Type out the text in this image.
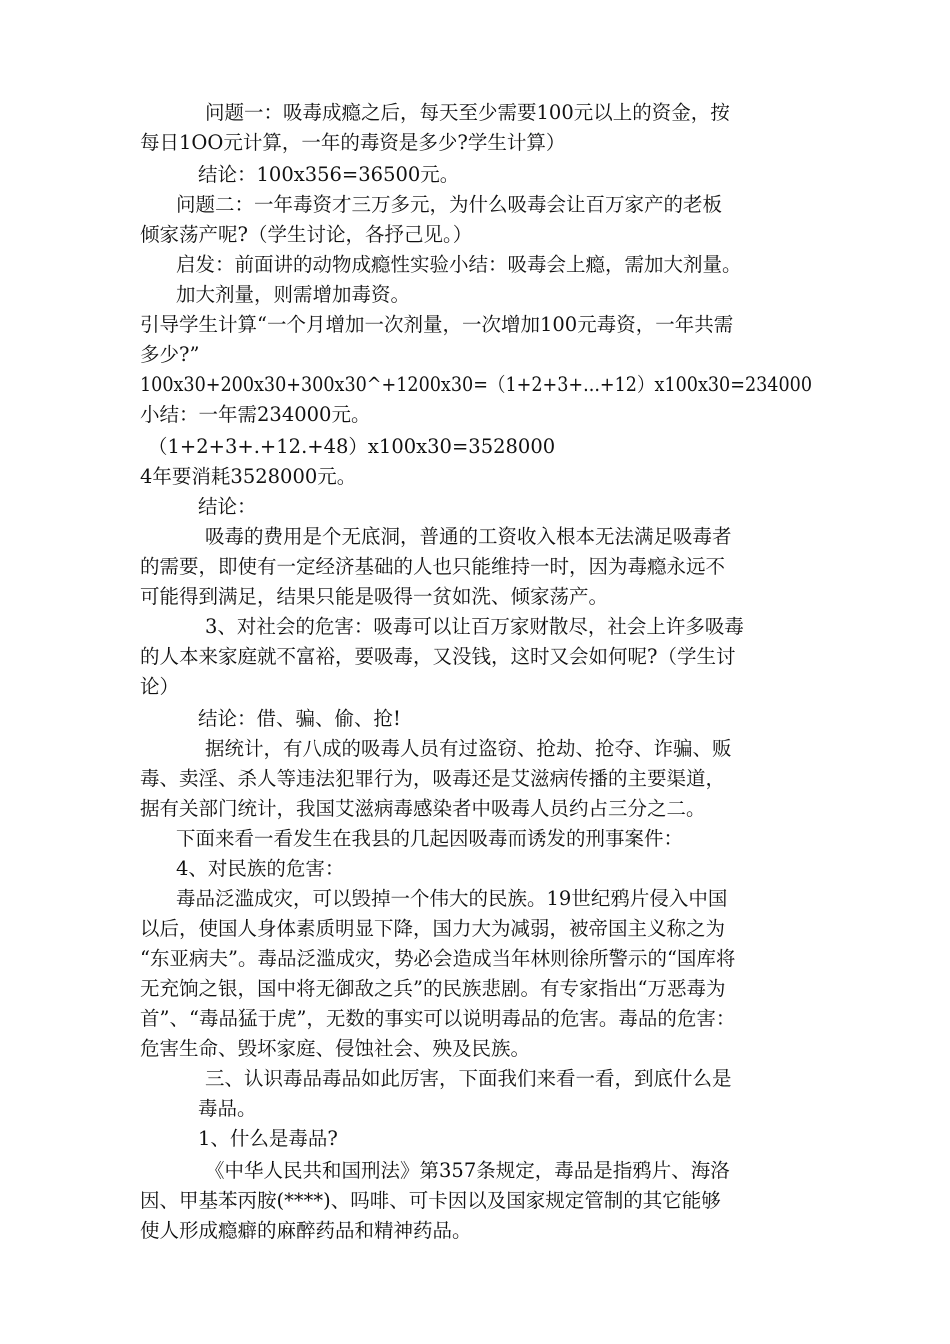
问题一：吸毒成瘾之后，每天至少需要100元以上的资金，按
每日1OO元计算，一年的毒资是多少?学生计算）
结论：100x356=36500元。
问题二：一年毒资才三万多元，为什么吸毒会让百万家产的老板
倾家荡产呢?（学生讨论，各抒己见。）
启发：前面讲的动物成瘾性实验小结：吸毒会上瘾，需加大剂量。
加大剂量，则需增加毒资。
引导学生计算“一个月增加一次剂量，一次增加100元毒资，一年共需
多少?”
100x30+200x30+300x30^+1200x30=（1+2+3+...+12）x100x30=234000
小结：一年需234000元。
（1+2+3+.+12.+48）x100x30=3528000
4年要消耗3528000元。
结论：
吸毒的费用是个无底洞，普通的工资收入根本无法满足吸毒者
的需要，即使有一定经济基础的人也只能维持一时，因为毒瘾永远不
可能得到满足，结果只能是吸得一贫如洗、倾家荡产。
3、对社会的危害：吸毒可以让百万家财散尽，社会上许多吸毒
的人本来家庭就不富裕，要吸毒，又没钱，这时又会如何呢?（学生讨
论）
结论：借、骗、偷、抢!
据统计，有八成的吸毒人员有过盗窃、抢劫、抢夺、诈骗、贩
毒、卖淫、杀人等违法犯罪行为，吸毒还是艾滋病传播的主要渠道，
据有关部门统计，我国艾滋病毒感染者中吸毒人员约占三分之二。
下面来看一看发生在我县的几起因吸毒而诱发的刑事案件：
4、对民族的危害：
毒品泛滥成灾，可以毁掉一个伟大的民族。19世纪鸦片侵入中国
以后，使国人身体素质明显下降，国力大为减弱，被帝国主义称之为
“东亚病夫”。毒品泛滥成灾，势必会造成当年林则徐所警示的“国库将
无充饷之银，国中将无御敌之兵”的民族悲剧。有专家指出“万恶毒为
首”、“毒品猛于虎”，无数的事实可以说明毒品的危害。毒品的危害：
危害生命、毁坏家庭、侵蚀社会、殃及民族。
三、认识毒品毒品如此厉害，下面我们来看一看，到底什么是
毒品。
1、什么是毒品?
《中华人民共和国刑法》第357条规定，毒品是指鸦片、海洛
因、甲基苯丙胺(****)、吗啡、可卡因以及国家规定管制的其它能够
使人形成瘾癖的麻醉药品和精神药品。
